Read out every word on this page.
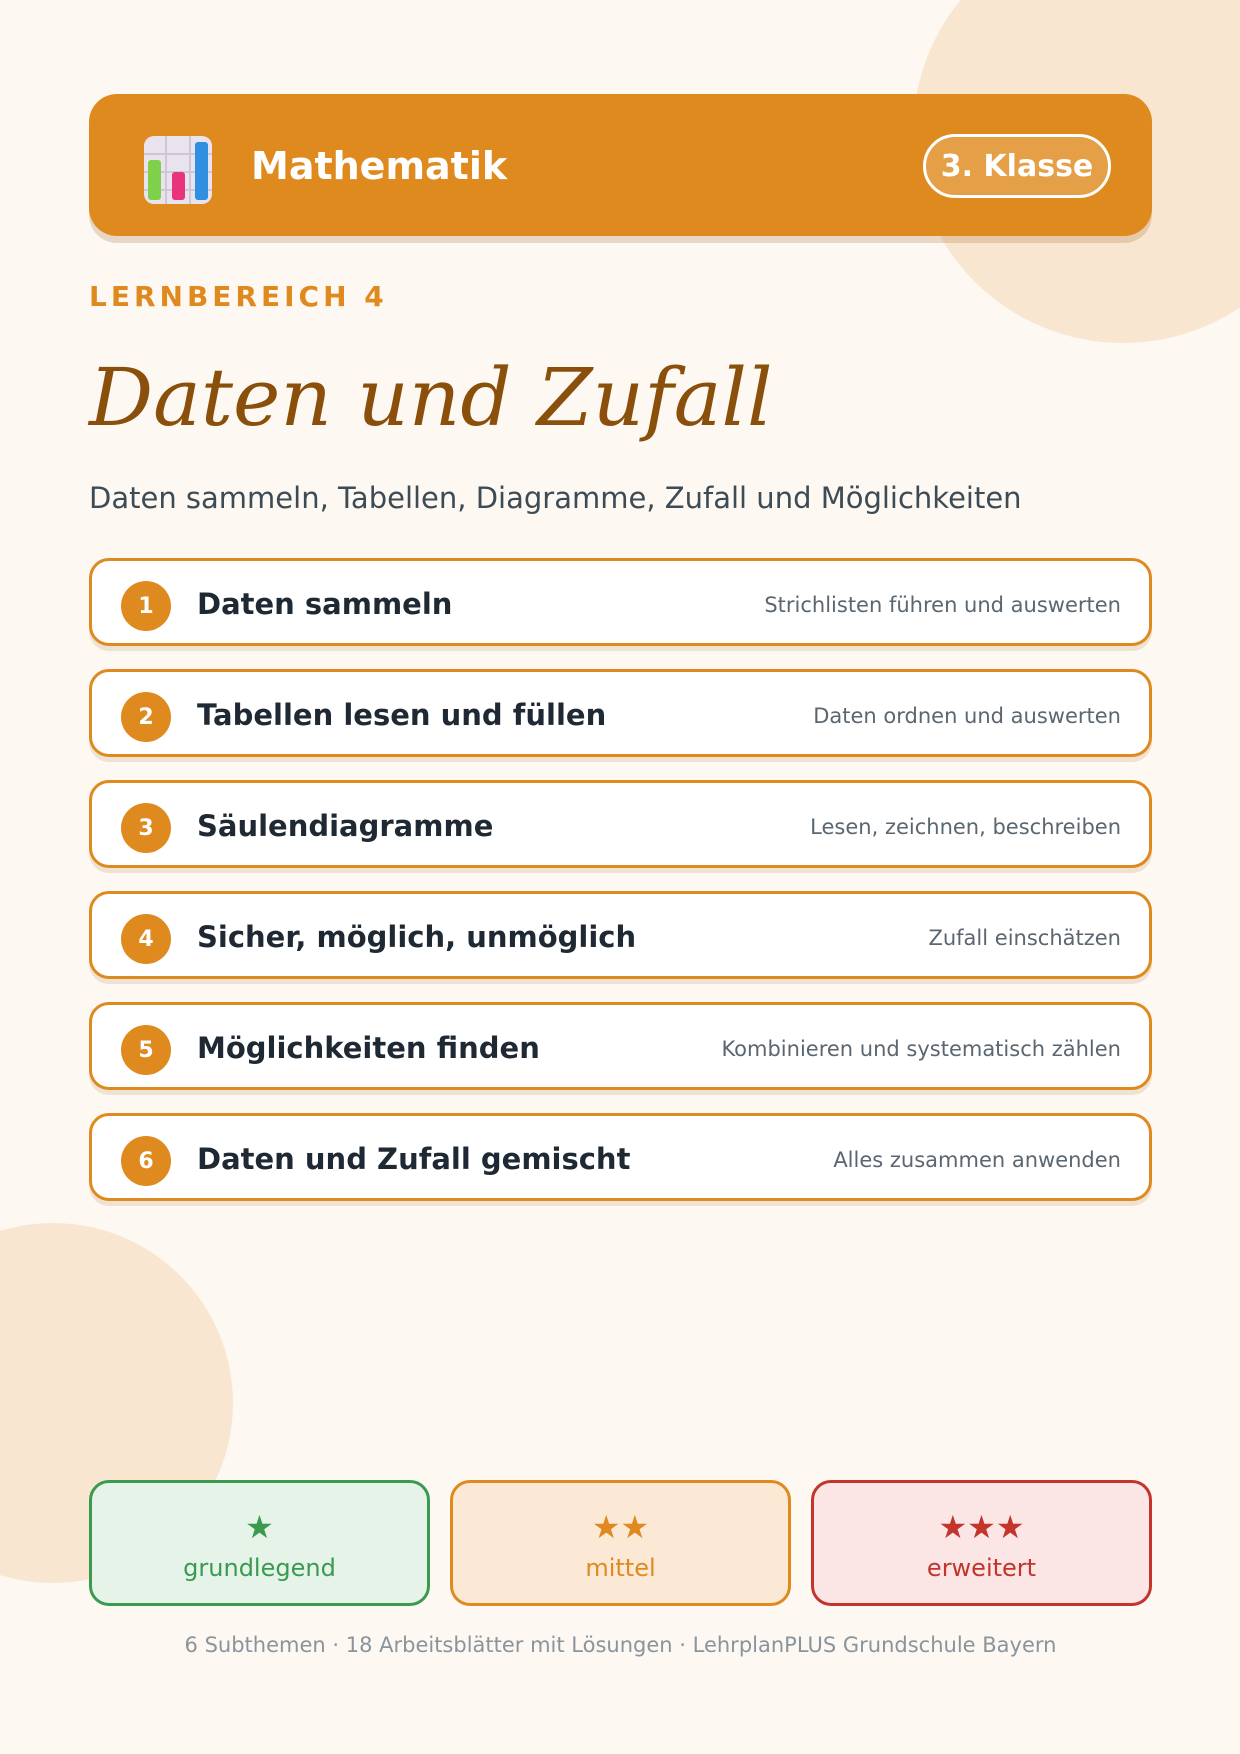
Mathematik	3. Klasse
LERNBEREICH 4
Daten und Zufall
Daten sammeln, Tabellen, Diagramme, Zufall und Möglichkeiten
1	Daten sammeln	Strichlisten führen und auswerten
2	Tabellen lesen und füllen	Daten ordnen und auswerten
3	Säulendiagramme	Lesen, zeichnen, beschreiben
4	Sicher, möglich, unmöglich	Zufall einschätzen
5	Möglichkeiten finden	Kombinieren und systematisch zählen
6	Daten und Zufall gemischt	Alles zusammen anwenden
★
grundlegend
★★
mittel
★★★
erweitert
6 Subthemen · 18 Arbeitsblätter mit Lösungen · LehrplanPLUS Grundschule Bayern
